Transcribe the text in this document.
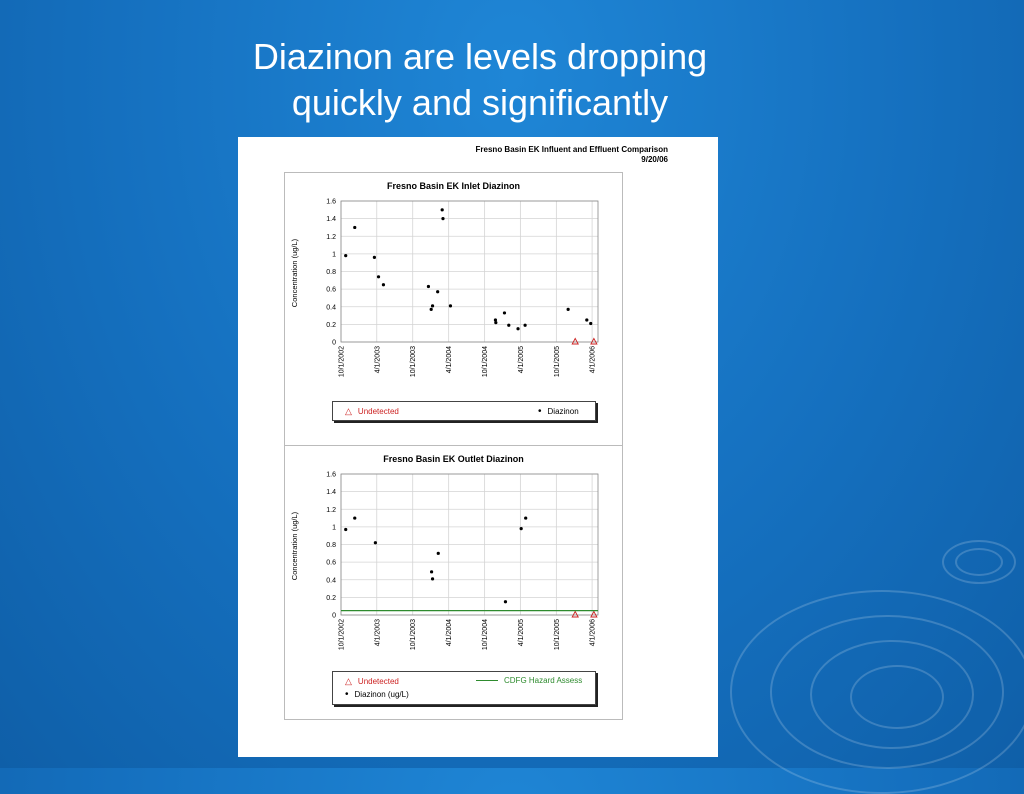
Diazinon are levels dropping
quickly and significantly
Fresno Basin EK Influent and Effluent Comparison
9/20/06
Fresno Basin EK Inlet Diazinon
Concentration (ug/L)
0
0.2
0.4
0.6
0.8
1
1.2
1.4
1.6
10/1/2002	4/1/2003	10/1/2003	4/1/2004	10/1/2004	4/1/2005	10/1/2005	4/1/2006
△ Undetected	• Diazinon
Fresno Basin EK Outlet Diazinon
Concentration (ug/L)
0
0.2
0.4
0.6
0.8
1
1.2
1.4
1.6
10/1/2002	4/1/2003	10/1/2003	4/1/2004	10/1/2004	4/1/2005	10/1/2005	4/1/2006
△ Undetected	CDFG Hazard Assess
• Diazinon (ug/L)
